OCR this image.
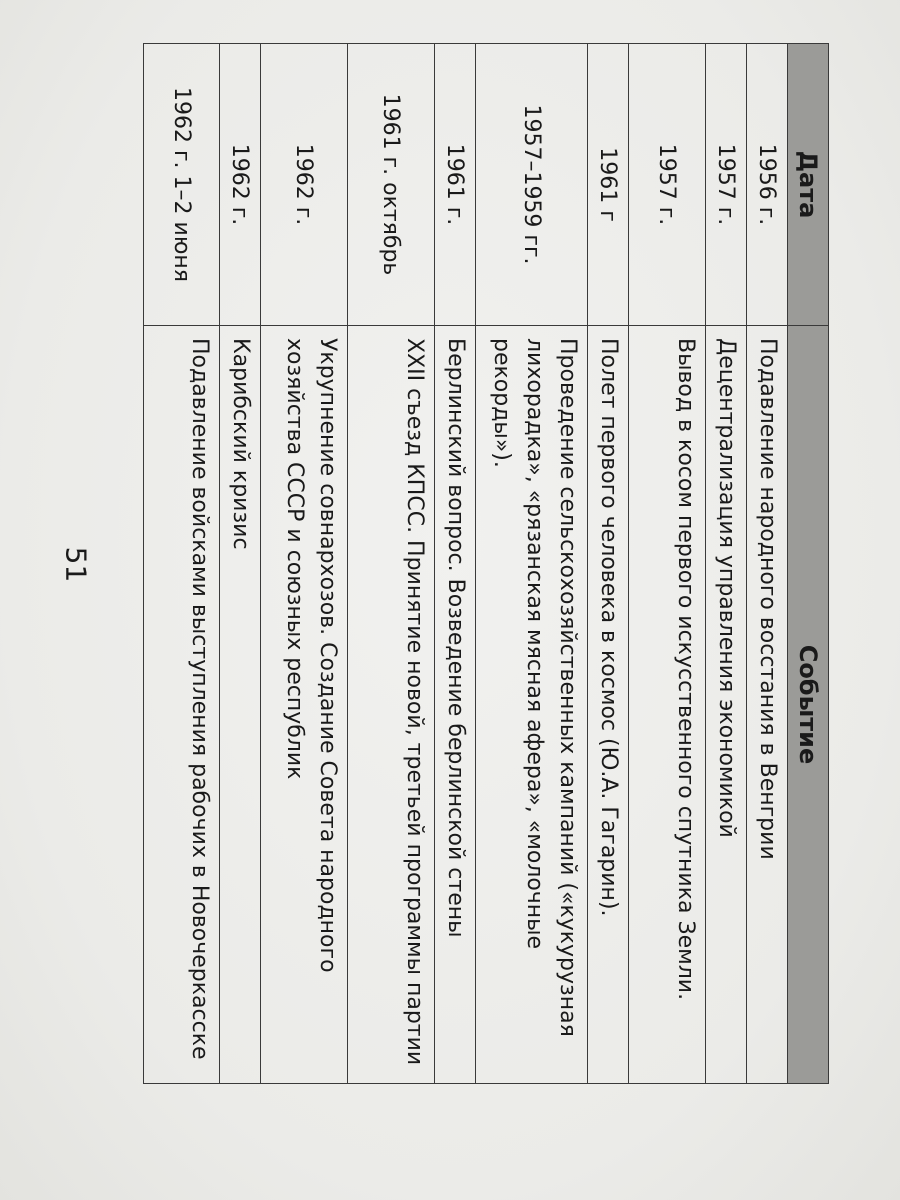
Дата	Событие
1956 г.	Подавление народного восстания в Венгрии
1957 г.	Децентрализация управления экономикой
1957 г.	Вывод в косом первого искусственного спутника Земли.
1961 г	Полет первого человека в космос (Ю.А. Гагарин).
1957–1959 гг.	Проведение сельскохозяйственных кампаний («кукурузная лихорадка», «рязанская мясная афера», «молочные рекорды»).
1961 г.	Берлинский вопрос. Возведение берлинской стены
1961 г. октябрь	XXII съезд КПСС. Принятие новой, третьей программы партии
1962 г.	Укрупнение совнархозов. Создание Совета народного хозяйства СССР и союзных республик
1962 г.	Карибский кризис
1962 г. 1–2 июня	Подавление войсками выступления рабочих в Новочеркасске
51
